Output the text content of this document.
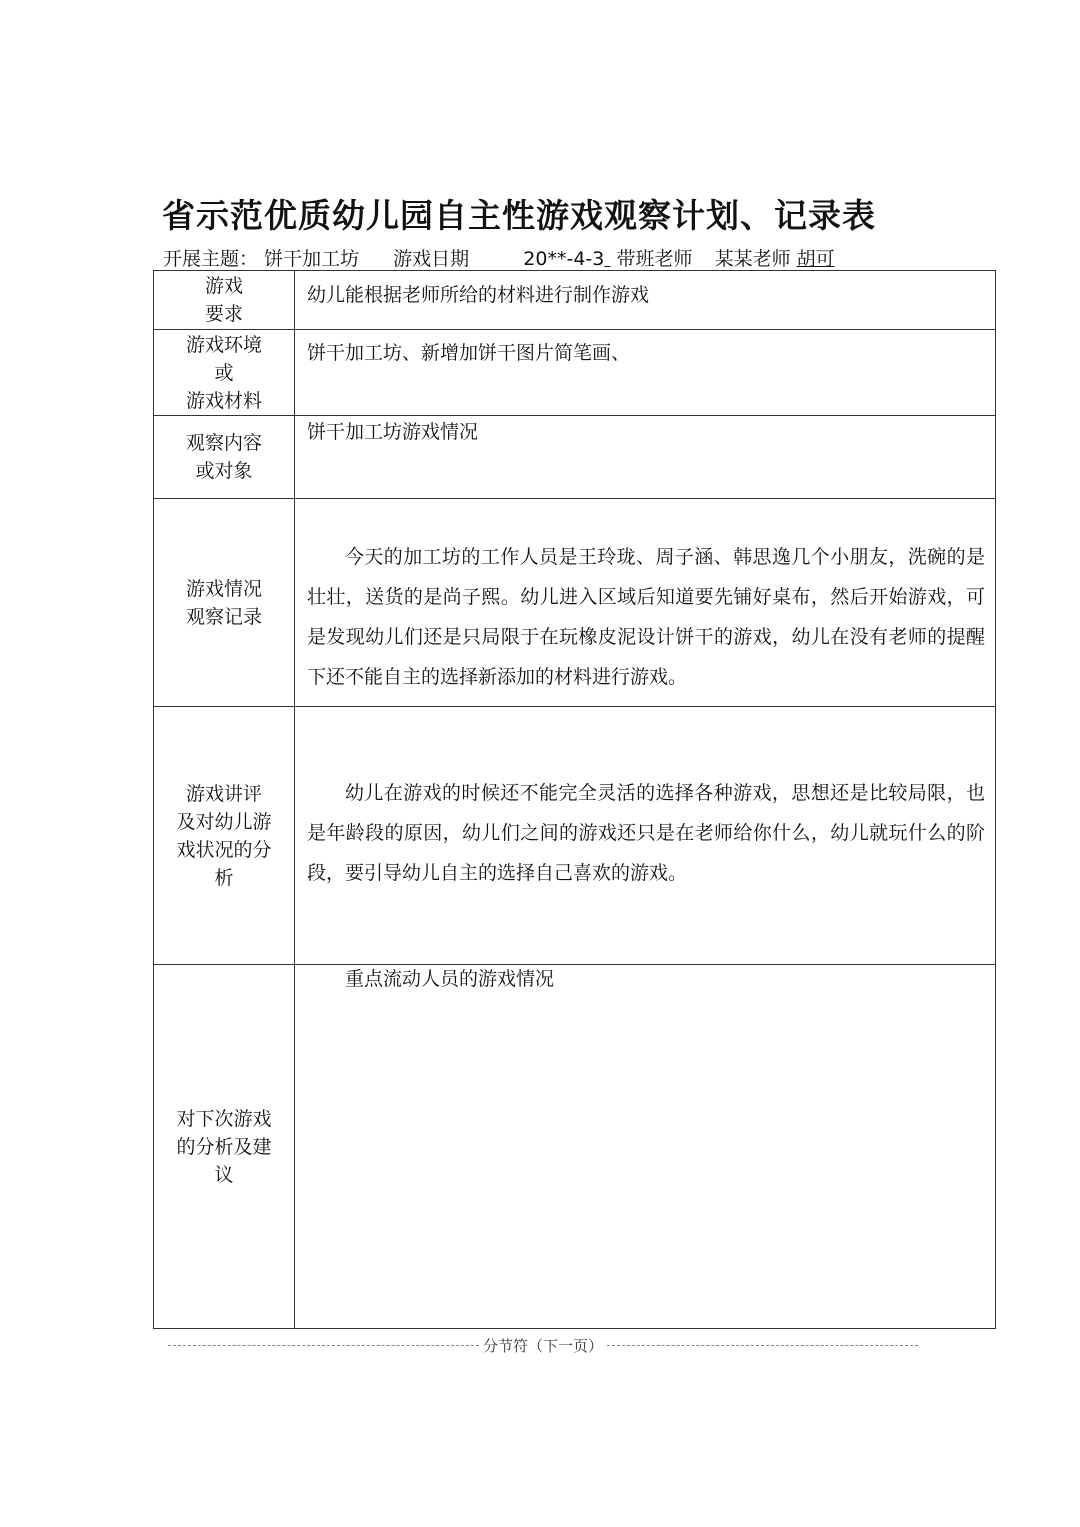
省示范优质幼儿园自主性游戏观察计划、记录表
开展主题： 饼干加工坊 游戏日期	20**-4-3 带班老师 某某老师 胡可
游戏
要求	幼儿能根据老师所给的材料进行制作游戏

游戏环境
或
游戏材料	饼干加工坊、新增加饼干图片简笔画、

观察内容
或对象	饼干加工坊游戏情况

游戏情况
观察记录	今天的加工坊的工作人员是王玲珑、周子涵、韩思逸几个小朋友，洗碗的是壮壮，送货的是尚子熙。幼儿进入区域后知道要先铺好桌布，然后开始游戏，可是发现幼儿们还是只局限于在玩橡皮泥设计饼干的游戏，幼儿在没有老师的提醒下还不能自主的选择新添加的材料进行游戏。

游戏讲评
及对幼儿游
戏状况的分
析	幼儿在游戏的时候还不能完全灵活的选择各种游戏，思想还是比较局限，也是年龄段的原因，幼儿们之间的游戏还只是在老师给你什么，幼儿就玩什么的阶段，要引导幼儿自主的选择自己喜欢的游戏。

对下次游戏
的分析及建
议	重点流动人员的游戏情况
分节符（下一页）
